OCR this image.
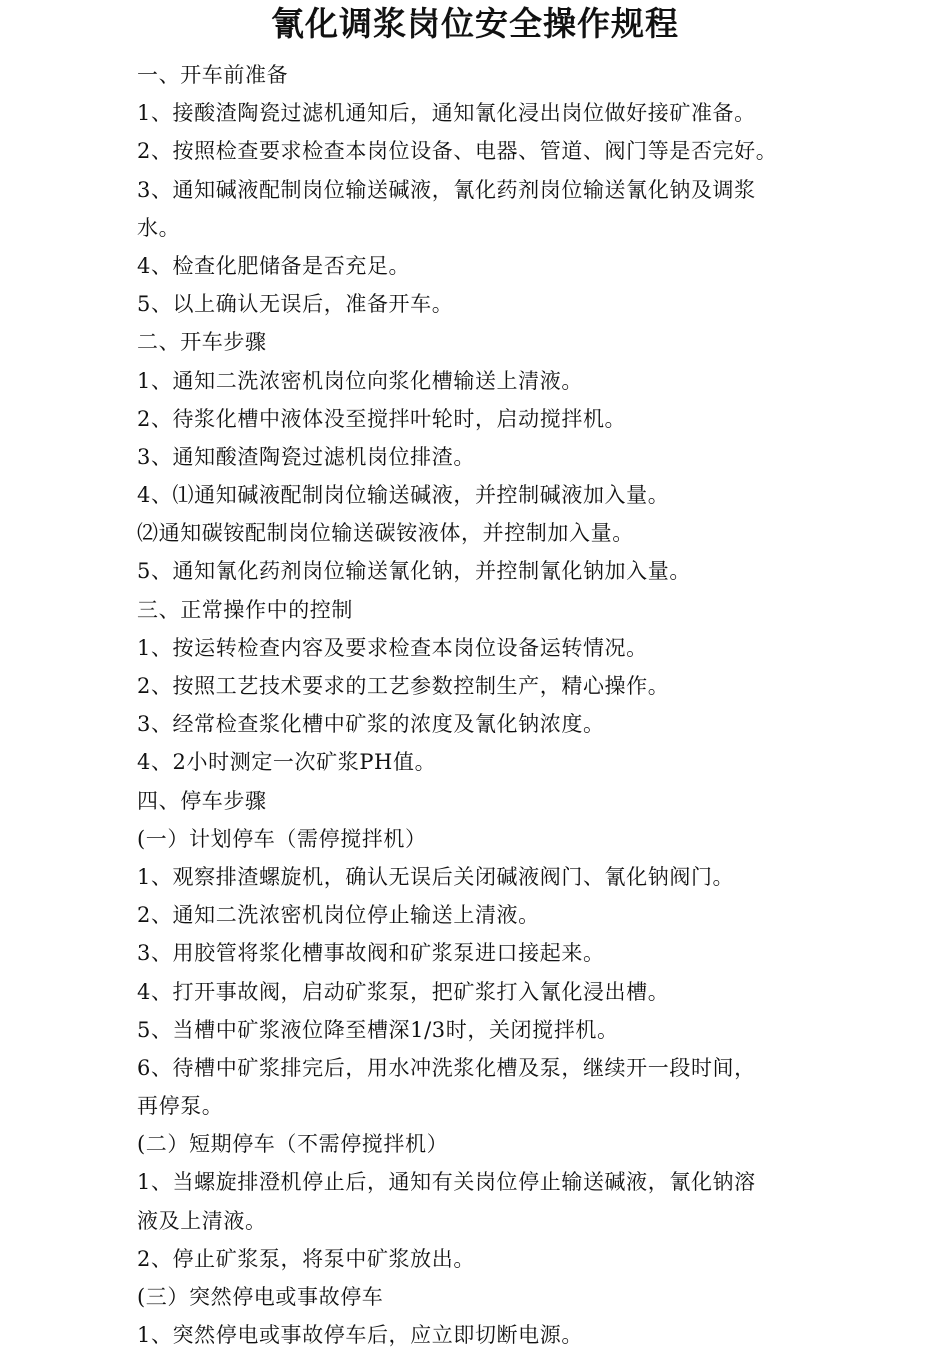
氰化调浆岗位安全操作规程
一、开车前准备
1、接酸渣陶瓷过滤机通知后，通知氰化浸出岗位做好接矿准备。
2、按照检查要求检查本岗位设备、电器、管道、阀门等是否完好。
3、通知碱液配制岗位输送碱液，氰化药剂岗位输送氰化钠及调浆
水。
4、检查化肥储备是否充足。
5、以上确认无误后，准备开车。
二、开车步骤
1、通知二洗浓密机岗位向浆化槽输送上清液。
2、待浆化槽中液体没至搅拌叶轮时，启动搅拌机。
3、通知酸渣陶瓷过滤机岗位排渣。
4、⑴通知碱液配制岗位输送碱液，并控制碱液加入量。
⑵通知碳铵配制岗位输送碳铵液体，并控制加入量。
5、通知氰化药剂岗位输送氰化钠，并控制氰化钠加入量。
三、正常操作中的控制
1、按运转检查内容及要求检查本岗位设备运转情况。
2、按照工艺技术要求的工艺参数控制生产，精心操作。
3、经常检查浆化槽中矿浆的浓度及氰化钠浓度。
4、2小时测定一次矿浆PH值。
四、停车步骤
(一）计划停车（需停搅拌机）
1、观察排渣螺旋机，确认无误后关闭碱液阀门、氰化钠阀门。
2、通知二洗浓密机岗位停止输送上清液。
3、用胶管将浆化槽事故阀和矿浆泵进口接起来。
4、打开事故阀，启动矿浆泵，把矿浆打入氰化浸出槽。
5、当槽中矿浆液位降至槽深1/3时，关闭搅拌机。
6、待槽中矿浆排完后，用水冲洗浆化槽及泵，继续开一段时间，
再停泵。
(二）短期停车（不需停搅拌机）
1、当螺旋排澄机停止后，通知有关岗位停止输送碱液，氰化钠溶
液及上清液。
2、停止矿浆泵，将泵中矿浆放出。
(三）突然停电或事故停车
1、突然停电或事故停车后，应立即切断电源。
